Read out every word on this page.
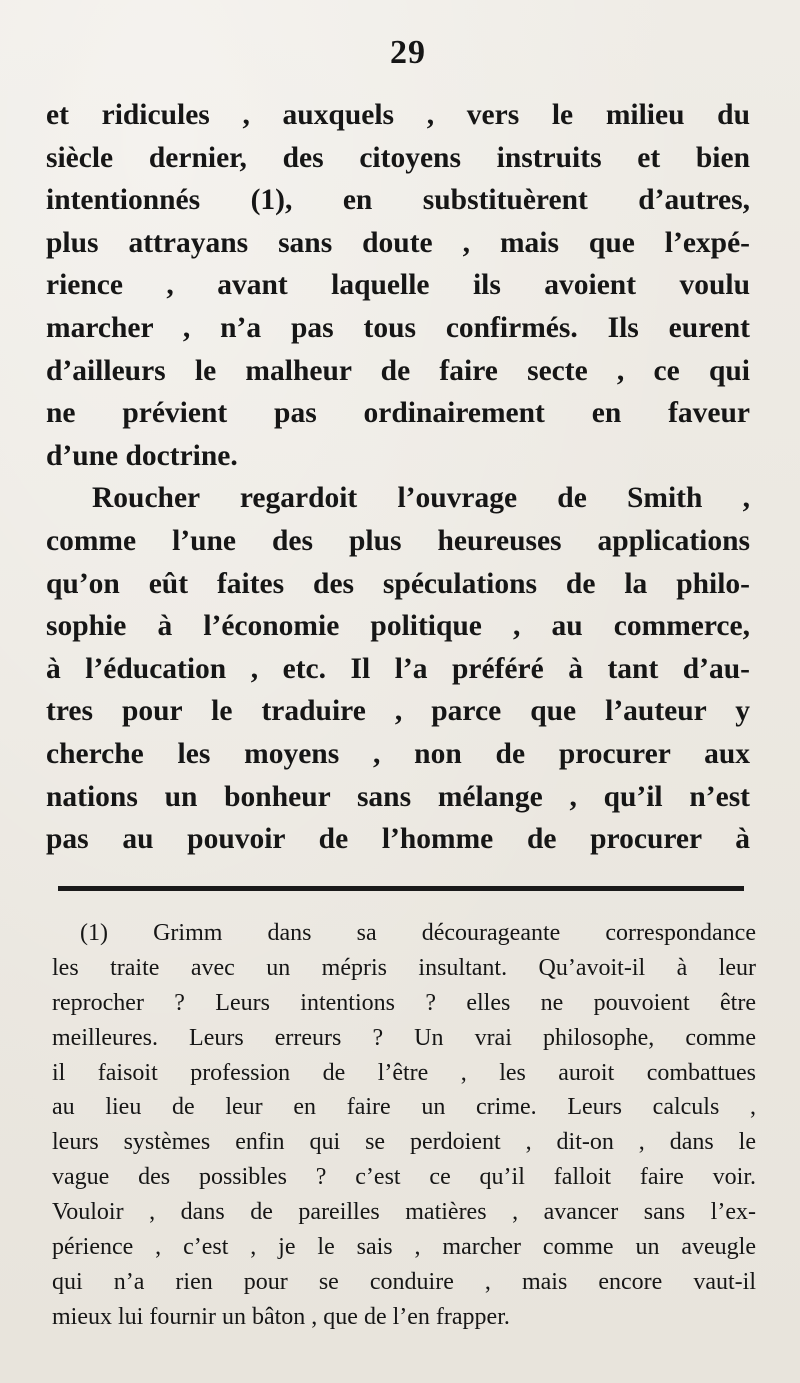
29
et ridicules , auxquels , vers le milieu du
siècle dernier, des citoyens instruits et bien
intentionnés (1), en substituèrent d’autres,
plus attrayans sans doute , mais que l’expé-
rience , avant laquelle ils avoient voulu
marcher , n’a pas tous confirmés. Ils eurent
d’ailleurs le malheur de faire secte , ce qui
ne prévient pas ordinairement en faveur
d’une doctrine.
Roucher regardoit l’ouvrage de Smith ,
comme l’une des plus heureuses applications
qu’on eût faites des spéculations de la philo-
sophie à l’économie politique , au commerce,
à l’éducation , etc. Il l’a préféré à tant d’au-
tres pour le traduire , parce que l’auteur y
cherche les moyens , non de procurer aux
nations un bonheur sans mélange , qu’il n’est
pas au pouvoir de l’homme de procurer à
(1) Grimm dans sa décourageante correspondance
les traite avec un mépris insultant. Qu’avoit-il à leur
reprocher ? Leurs intentions ? elles ne pouvoient être
meilleures. Leurs erreurs ? Un vrai philosophe, comme
il faisoit profession de l’être , les auroit combattues
au lieu de leur en faire un crime. Leurs calculs ,
leurs systèmes enfin qui se perdoient , dit-on , dans le
vague des possibles ? c’est ce qu’il falloit faire voir.
Vouloir , dans de pareilles matières , avancer sans l’ex-
périence , c’est , je le sais , marcher comme un aveugle
qui n’a rien pour se conduire , mais encore vaut-il
mieux lui fournir un bâton , que de l’en frapper.
